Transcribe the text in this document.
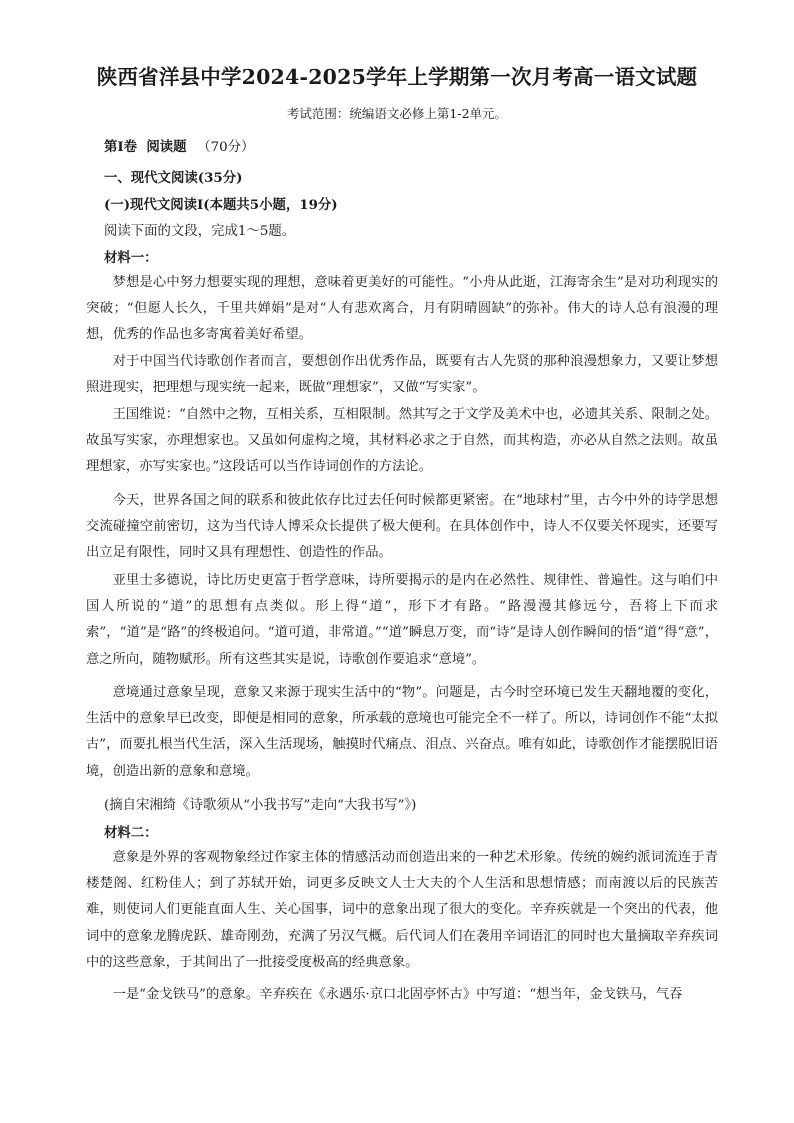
陕西省洋县中学2024-2025学年上学期第一次月考高一语文试题
考试范围：统编语文必修上第1-2单元。
第Ⅰ卷  阅读题 （70分）
一、现代文阅读(35分)
(一)现代文阅读Ⅰ(本题共5小题，19分)
阅读下面的文段，完成1～5题。
材料一：

梦想是心中努力想要实现的理想，意味着更美好的可能性。“小舟从此逝，江海寄余生”是对功利现实的突破；“但愿人长久，千里共婵娟”是对“人有悲欢离合，月有阴晴圆缺”的弥补。伟大的诗人总有浪漫的理想，优秀的作品也多寄寓着美好希望。

对于中国当代诗歌创作者而言，要想创作出优秀作品，既要有古人先贤的那种浪漫想象力，又要让梦想照进现实，把理想与现实统一起来，既做“理想家”，又做“写实家”。

王国维说：“自然中之物，互相关系，互相限制。然其写之于文学及美术中也，必遗其关系、限制之处。故虽写实家，亦理想家也。又虽如何虚构之境，其材料必求之于自然，而其构造，亦必从自然之法则。故虽理想家，亦写实家也。”这段话可以当作诗词创作的方法论。

今天，世界各国之间的联系和彼此依存比过去任何时候都更紧密。在“地球村”里，古今中外的诗学思想交流碰撞空前密切，这为当代诗人博采众长提供了极大便利。在具体创作中，诗人不仅要关怀现实，还要写出立足有限性，同时又具有理想性、创造性的作品。

亚里士多德说，诗比历史更富于哲学意味，诗所要揭示的是内在必然性、规律性、普遍性。这与咱们中国人所说的“道”的思想有点类似。形上得“道”，形下才有路。“路漫漫其修远兮，吾将上下而求索”，“道”是“路”的终极追问。“道可道，非常道。”“道”瞬息万变，而“诗”是诗人创作瞬间的悟“道”得“意”，意之所向，随物赋形。所有这些其实是说，诗歌创作要追求“意境”。

意境通过意象呈现，意象又来源于现实生活中的“物”。问题是，古今时空环境已发生天翻地覆的变化，生活中的意象早已改变，即便是相同的意象，所承载的意境也可能完全不一样了。所以，诗词创作不能“太拟古”，而要扎根当代生活，深入生活现场，触摸时代痛点、泪点、兴奋点。唯有如此，诗歌创作才能摆脱旧语境，创造出新的意象和意境。

(摘自宋湘绮《诗歌须从“小我书写”走向“大我书写”》)
材料二：

意象是外界的客观物象经过作家主体的情感活动而创造出来的一种艺术形象。传统的婉约派词流连于青楼楚阁、红粉佳人；到了苏轼开始，词更多反映文人士大夫的个人生活和思想情感；而南渡以后的民族苦难，则使词人们更能直面人生、关心国事，词中的意象出现了很大的变化。辛弃疾就是一个突出的代表，他词中的意象龙腾虎跃、雄奇刚劲，充满了另汉气概。后代词人们在袭用辛词语汇的同时也大量摘取辛弃疾词中的这些意象，于其间出了一批接受度极高的经典意象。

一是“金戈铁马”的意象。辛弃疾在《永遇乐·京口北固亭怀古》中写道：“想当年，金戈铁马，气吞
